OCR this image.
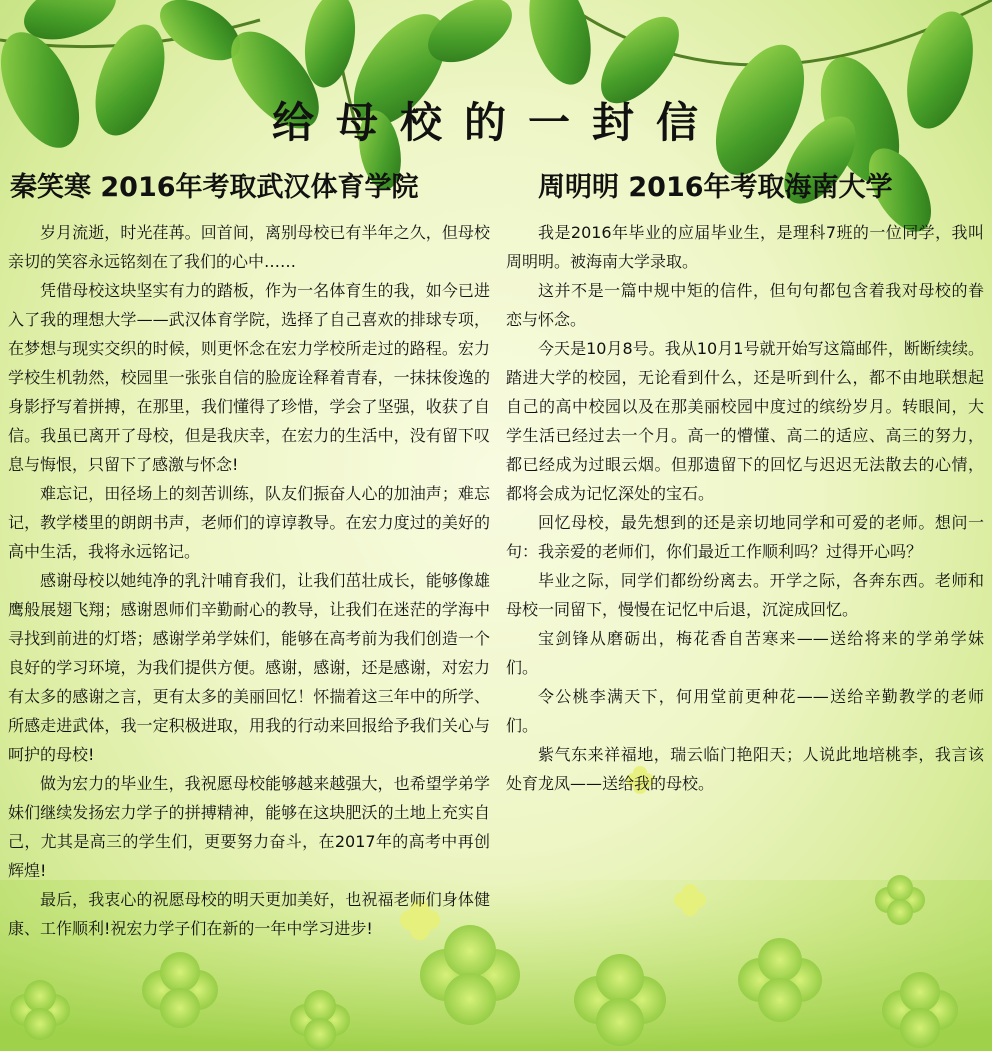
给母校的一封信
秦笑寒 2016年考取武汉体育学院	周明明 2016年考取海南大学

岁月流逝，时光荏苒。回首间，离别母校已有半年之久，但母校亲切的笑容永远铭刻在了我们的心中……

凭借母校这块坚实有力的踏板，作为一名体育生的我，如今已进入了我的理想大学——武汉体育学院，选择了自己喜欢的排球专项，在梦想与现实交织的时候，则更怀念在宏力学校所走过的路程。宏力学校生机勃然，校园里一张张自信的脸庞诠释着青春，一抹抹俊逸的身影抒写着拼搏，在那里，我们懂得了珍惜，学会了坚强，收获了自信。我虽已离开了母校，但是我庆幸，在宏力的生活中，没有留下叹息与悔恨，只留下了感激与怀念!

难忘记，田径场上的刻苦训练，队友们振奋人心的加油声；难忘记，教学楼里的朗朗书声，老师们的谆谆教导。在宏力度过的美好的高中生活，我将永远铭记。

感谢母校以她纯净的乳汁哺育我们，让我们茁壮成长，能够像雄鹰般展翅飞翔；感谢恩师们辛勤耐心的教导，让我们在迷茫的学海中寻找到前进的灯塔；感谢学弟学妹们，能够在高考前为我们创造一个良好的学习环境，为我们提供方便。感谢，感谢，还是感谢，对宏力有太多的感谢之言，更有太多的美丽回忆！怀揣着这三年中的所学、所感走进武体，我一定积极进取，用我的行动来回报给予我们关心与呵护的母校!

做为宏力的毕业生，我祝愿母校能够越来越强大，也希望学弟学妹们继续发扬宏力学子的拼搏精神，能够在这块肥沃的土地上充实自己，尤其是高三的学生们，更要努力奋斗，在2017年的高考中再创辉煌!

最后，我衷心的祝愿母校的明天更加美好，也祝福老师们身体健康、工作顺利!祝宏力学子们在新的一年中学习进步!

我是2016年毕业的应届毕业生，是理科7班的一位同学，我叫周明明。被海南大学录取。

这并不是一篇中规中矩的信件，但句句都包含着我对母校的眷恋与怀念。

今天是10月8号。我从10月1号就开始写这篇邮件，断断续续。踏进大学的校园，无论看到什么，还是听到什么，都不由地联想起自己的高中校园以及在那美丽校园中度过的缤纷岁月。转眼间，大学生活已经过去一个月。高一的懵懂、高二的适应、高三的努力，都已经成为过眼云烟。但那遗留下的回忆与迟迟无法散去的心情，都将会成为记忆深处的宝石。

回忆母校，最先想到的还是亲切地同学和可爱的老师。想问一句：我亲爱的老师们，你们最近工作顺利吗？过得开心吗？

毕业之际，同学们都纷纷离去。开学之际，各奔东西。老师和母校一同留下，慢慢在记忆中后退，沉淀成回忆。

宝剑锋从磨砺出，梅花香自苦寒来——送给将来的学弟学妹们。

令公桃李满天下，何用堂前更种花——送给辛勤教学的老师们。

紫气东来祥福地，瑞云临门艳阳天；人说此地培桃李，我言该处育龙凤——送给我的母校。
